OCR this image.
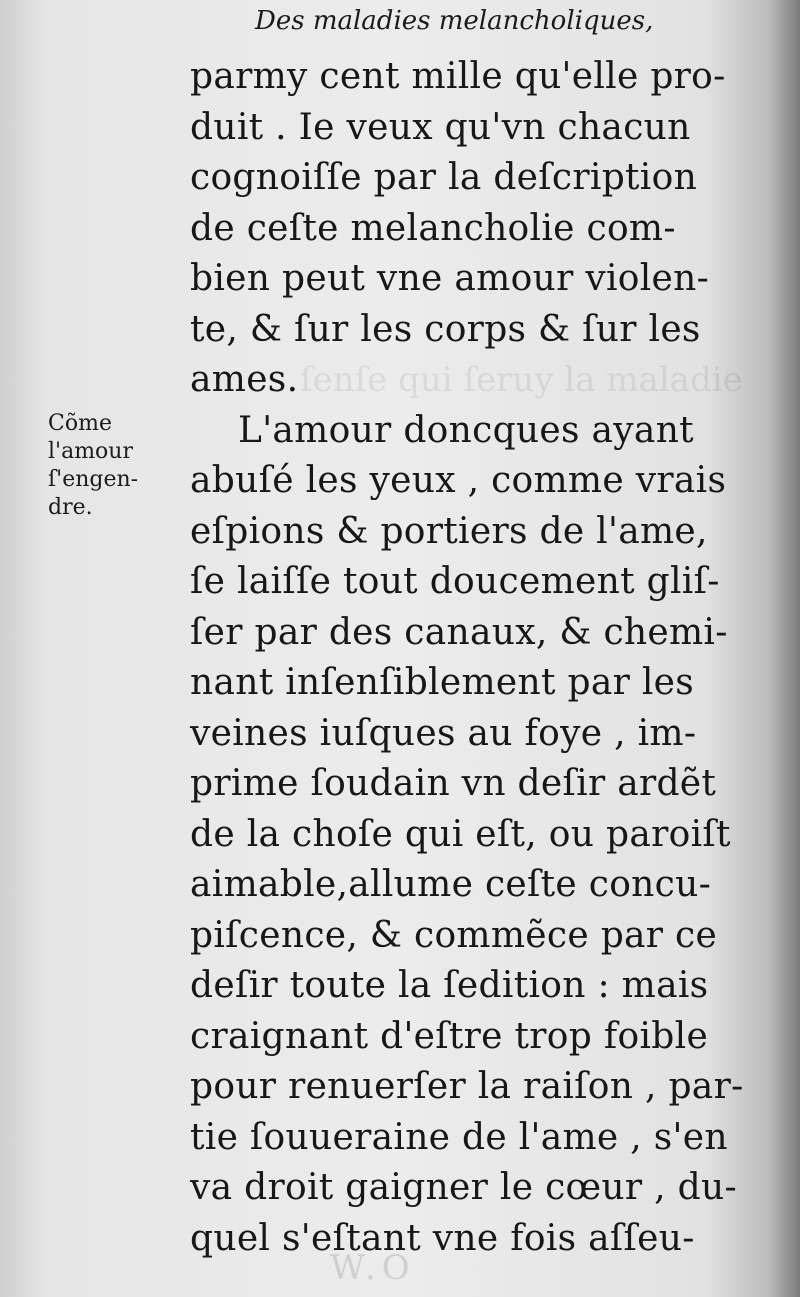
ſenſe qui ſeruy la maladie
Des maladies melancholiques,
parmy cent mille qu'elle pro-
duit . Ie veux qu'vn chacun
cognoiſſe par la deſcription
de ceſte melancholie com-
bien peut vne amour violen-
te, & ſur les corps & ſur les
ames.
L'amour doncques ayant
abuſé les yeux , comme vrais
eſpions & portiers de l'ame,
ſe laiſſe tout doucement gliſ-
ſer par des canaux, & chemi-
nant inſenſiblement par les
veines iuſques au foye , im-
prime ſoudain vn deſir ardẽt
de la choſe qui eſt, ou paroiſt
aimable,allume ceſte concu-
piſcence, & commẽce par ce
deſir toute la ſedition : mais
craignant d'eſtre trop foible
pour renuerſer la raiſon , par-
tie ſouueraine de l'ame , s'en
va droit gaigner le cœur , du-
quel s'eſtant vne fois aſſeu-
Cõme
l'amour
ſ'engen-
dre.
W.O
